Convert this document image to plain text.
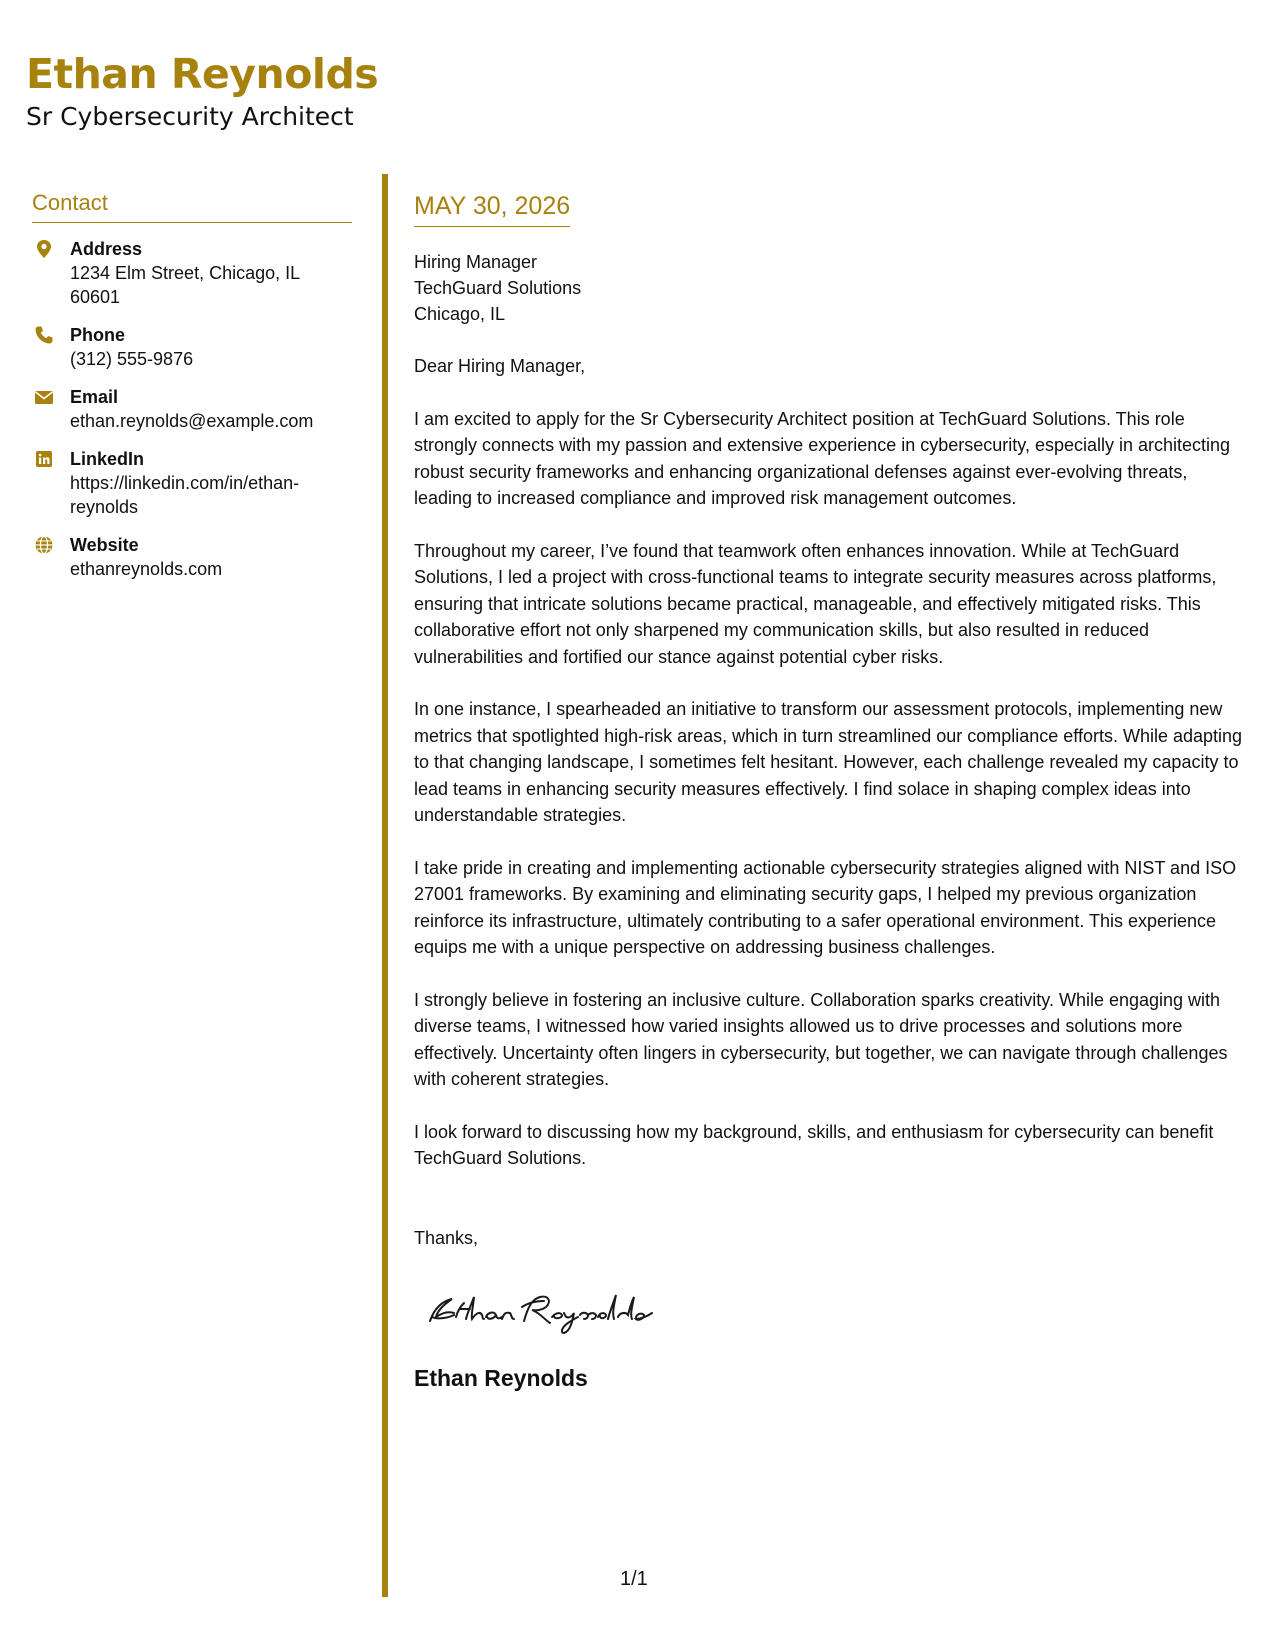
Ethan Reynolds
Sr Cybersecurity Architect
Contact
Address
1234 Elm Street, Chicago, IL 60601
Phone
(312) 555-9876
Email
ethan.reynolds@example.com
LinkedIn
https://linkedin.com/in/ethan-reynolds
Website
ethanreynolds.com
MAY 30, 2026
Hiring Manager
TechGuard Solutions
Chicago, IL
Dear Hiring Manager,
I am excited to apply for the Sr Cybersecurity Architect position at TechGuard Solutions. This role strongly connects with my passion and extensive experience in cybersecurity, especially in architecting robust security frameworks and enhancing organizational defenses against ever-evolving threats, leading to increased compliance and improved risk management outcomes.
Throughout my career, I’ve found that teamwork often enhances innovation. While at TechGuard Solutions, I led a project with cross-functional teams to integrate security measures across platforms, ensuring that intricate solutions became practical, manageable, and effectively mitigated risks. This collaborative effort not only sharpened my communication skills, but also resulted in reduced vulnerabilities and fortified our stance against potential cyber risks.
In one instance, I spearheaded an initiative to transform our assessment protocols, implementing new metrics that spotlighted high-risk areas, which in turn streamlined our compliance efforts. While adapting to that changing landscape, I sometimes felt hesitant. However, each challenge revealed my capacity to lead teams in enhancing security measures effectively. I find solace in shaping complex ideas into understandable strategies.
I take pride in creating and implementing actionable cybersecurity strategies aligned with NIST and ISO 27001 frameworks. By examining and eliminating security gaps, I helped my previous organization reinforce its infrastructure, ultimately contributing to a safer operational environment. This experience equips me with a unique perspective on addressing business challenges.
I strongly believe in fostering an inclusive culture. Collaboration sparks creativity. While engaging with diverse teams, I witnessed how varied insights allowed us to drive processes and solutions more effectively. Uncertainty often lingers in cybersecurity, but together, we can navigate through challenges with coherent strategies.
I look forward to discussing how my background, skills, and enthusiasm for cybersecurity can benefit TechGuard Solutions.
Thanks,
Ethan Reynolds
1/1
